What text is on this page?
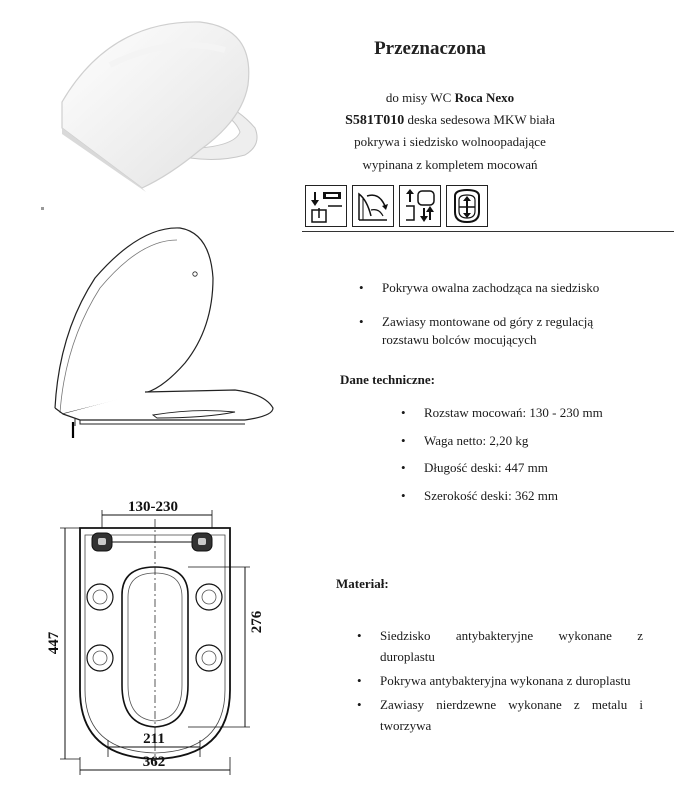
130-230
447
276
211
362
Przeznaczona
do misy WC Roca Nexo
S581T010 deska sedesowa MKW biała
pokrywa i siedzisko wolnoopadające
wypinana z kompletem mocowań
• Pokrywa owalna zachodząca na siedzisko
• Zawiasy montowane od góry z regulacją
rozstawu bolców mocujących
Dane techniczne:
• Rozstaw mocowań: 130 - 230 mm
• Waga netto: 2,20 kg
• Długość deski: 447 mm
• Szerokość deski: 362 mm
Materiał:
• Siedzisko antybakteryjne wykonane z
duroplastu
• Pokrywa antybakteryjna wykonana z duroplastu
• Zawiasy nierdzewne wykonane z metalu i
tworzywa
